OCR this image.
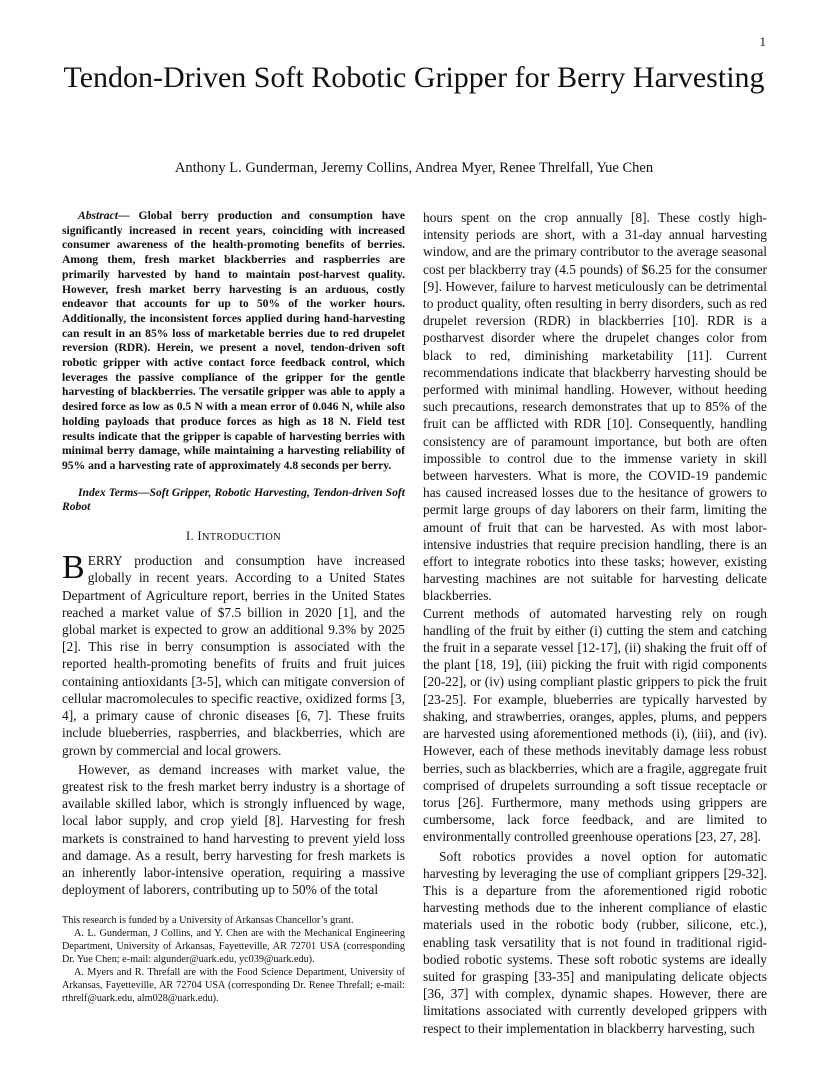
1
Tendon-Driven Soft Robotic Gripper for Berry Harvesting
Anthony L. Gunderman, Jeremy Collins, Andrea Myer, Renee Threlfall, Yue Chen

Abstract— Global berry production and consumption have significantly increased in recent years, coinciding with increased consumer awareness of the health-promoting benefits of berries. Among them, fresh market blackberries and raspberries are primarily harvested by hand to maintain post-harvest quality. However, fresh market berry harvesting is an arduous, costly endeavor that accounts for up to 50% of the worker hours. Additionally, the inconsistent forces applied during hand-harvesting can result in an 85% loss of marketable berries due to red drupelet reversion (RDR). Herein, we present a novel, tendon-driven soft robotic gripper with active contact force feedback control, which leverages the passive compliance of the gripper for the gentle harvesting of blackberries. The versatile gripper was able to apply a desired force as low as 0.5 N with a mean error of 0.046 N, while also holding payloads that produce forces as high as 18 N. Field test results indicate that the gripper is capable of harvesting berries with minimal berry damage, while maintaining a harvesting reliability of 95% and a harvesting rate of approximately 4.8 seconds per berry.

Index Terms—Soft Gripper, Robotic Harvesting, Tendon-driven Soft Robot

I. INTRODUCTION

BERRY production and consumption have increased globally in recent years. According to a United States Department of Agriculture report, berries in the United States reached a market value of $7.5 billion in 2020 [1], and the global market is expected to grow an additional 9.3% by 2025 [2]. This rise in berry consumption is associated with the reported health-promoting benefits of fruits and fruit juices containing antioxidants [3-5], which can mitigate conversion of cellular macromolecules to specific reactive, oxidized forms [3, 4], a primary cause of chronic diseases [6, 7]. These fruits include blueberries, raspberries, and blackberries, which are grown by commercial and local growers.

However, as demand increases with market value, the greatest risk to the fresh market berry industry is a shortage of available skilled labor, which is strongly influenced by wage, local labor supply, and crop yield [8]. Harvesting for fresh markets is constrained to hand harvesting to prevent yield loss and damage. As a result, berry harvesting for fresh markets is an inherently labor-intensive operation, requiring a massive deployment of laborers, contributing up to 50% of the total

This research is funded by a University of Arkansas Chancellor’s grant.

A. L. Gunderman, J Collins, and Y. Chen are with the Mechanical Engineering Department, University of Arkansas, Fayetteville, AR 72701 USA (corresponding Dr. Yue Chen; e-mail: algunder@uark.edu, yc039@uark.edu).

A. Myers and R. Threfall are with the Food Science Department, University of Arkansas, Fayetteville, AR 72704 USA (corresponding Dr. Renee Threfall; e-mail: rthrelf@uark.edu, alm028@uark.edu).

hours spent on the crop annually [8]. These costly high-intensity periods are short, with a 31-day annual harvesting window, and are the primary contributor to the average seasonal cost per blackberry tray (4.5 pounds) of $6.25 for the consumer [9]. However, failure to harvest meticulously can be detrimental to product quality, often resulting in berry disorders, such as red drupelet reversion (RDR) in blackberries [10]. RDR is a postharvest disorder where the drupelet changes color from black to red, diminishing marketability [11]. Current recommendations indicate that blackberry harvesting should be performed with minimal handling. However, without heeding such precautions, research demonstrates that up to 85% of the fruit can be afflicted with RDR [10]. Consequently, handling consistency are of paramount importance, but both are often impossible to control due to the immense variety in skill between harvesters. What is more, the COVID-19 pandemic has caused increased losses due to the hesitance of growers to permit large groups of day laborers on their farm, limiting the amount of fruit that can be harvested. As with most labor-intensive industries that require precision handling, there is an effort to integrate robotics into these tasks; however, existing harvesting machines are not suitable for harvesting delicate blackberries.

Current methods of automated harvesting rely on rough handling of the fruit by either (i) cutting the stem and catching the fruit in a separate vessel [12-17], (ii) shaking the fruit off of the plant [18, 19], (iii) picking the fruit with rigid components [20-22], or (iv) using compliant plastic grippers to pick the fruit [23-25]. For example, blueberries are typically harvested by shaking, and strawberries, oranges, apples, plums, and peppers are harvested using aforementioned methods (i), (iii), and (iv). However, each of these methods inevitably damage less robust berries, such as blackberries, which are a fragile, aggregate fruit comprised of drupelets surrounding a soft tissue receptacle or torus [26]. Furthermore, many methods using grippers are cumbersome, lack force feedback, and are limited to environmentally controlled greenhouse operations [23, 27, 28].

Soft robotics provides a novel option for automatic harvesting by leveraging the use of compliant grippers [29-32]. This is a departure from the aforementioned rigid robotic harvesting methods due to the inherent compliance of elastic materials used in the robotic body (rubber, silicone, etc.), enabling task versatility that is not found in traditional rigid-bodied robotic systems. These soft robotic systems are ideally suited for grasping [33-35] and manipulating delicate objects [36, 37] with complex, dynamic shapes. However, there are limitations associated with currently developed grippers with respect to their implementation in blackberry harvesting, such
